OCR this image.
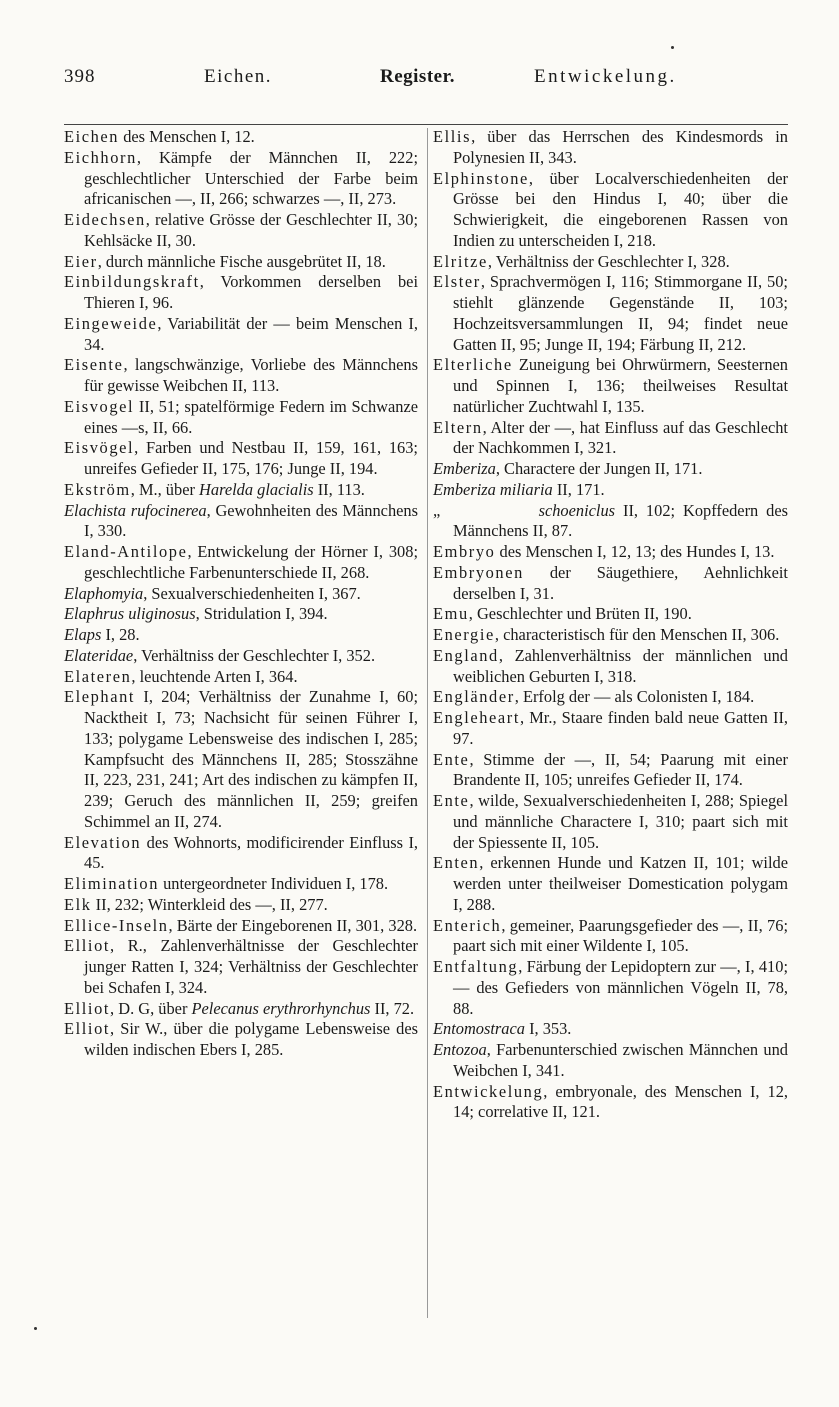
398	Eichen.	Register.	Entwickelung.

Eichen des Menschen I, 12.

Eichhorn, Kämpfe der Männchen II, 222; geschlechtlicher Unterschied der Farbe beim africanischen —, II, 266; schwarzes —, II, 273.

Eidechsen, relative Grösse der Geschlechter II, 30; Kehlsäcke II, 30.

Eier, durch männliche Fische ausgebrütet II, 18.

Einbildungskraft, Vorkommen derselben bei Thieren I, 96.

Eingeweide, Variabilität der — beim Menschen I, 34.

Eisente, langschwänzige, Vorliebe des Männchens für gewisse Weibchen II, 113.

Eisvogel II, 51; spatelförmige Federn im Schwanze eines —s, II, 66.

Eisvögel, Farben und Nestbau II, 159, 161, 163; unreifes Gefieder II, 175, 176; Junge II, 194.

Ekström, M., über Harelda glacialis II, 113.

Elachista rufocinerea, Gewohnheiten des Männchens I, 330.

Eland-Antilope, Entwickelung der Hörner I, 308; geschlechtliche Farbenunterschiede II, 268.

Elaphomyia, Sexualverschiedenheiten I, 367.

Elaphrus uliginosus, Stridulation I, 394.

Elaps I, 28.

Elateridae, Verhältniss der Geschlechter I, 352.

Elateren, leuchtende Arten I, 364.

Elephant I, 204; Verhältniss der Zunahme I, 60; Nacktheit I, 73; Nachsicht für seinen Führer I, 133; polygame Lebensweise des indischen I, 285; Kampfsucht des Männchens II, 285; Stosszähne II, 223, 231, 241; Art des indischen zu kämpfen II, 239; Geruch des männlichen II, 259; greifen Schimmel an II, 274.

Elevation des Wohnorts, modificirender Einfluss I, 45.

Elimination untergeordneter Individuen I, 178.

Elk II, 232; Winterkleid des —, II, 277.

Ellice-Inseln, Bärte der Eingeborenen II, 301, 328.

Elliot, R., Zahlenverhältnisse der Geschlechter junger Ratten I, 324; Verhältniss der Geschlechter bei Schafen I, 324.

Elliot, D. G, über Pelecanus erythrorhynchus II, 72.

Elliot, Sir W., über die polygame Lebensweise des wilden indischen Ebers I, 285.

Ellis, über das Herrschen des Kindesmords in Polynesien II, 343.

Elphinstone, über Localverschiedenheiten der Grösse bei den Hindus I, 40; über die Schwierigkeit, die eingeborenen Rassen von Indien zu unterscheiden I, 218.

Elritze, Verhältniss der Geschlechter I, 328.

Elster, Sprachvermögen I, 116; Stimmorgane II, 50; stiehlt glänzende Gegenstände II, 103; Hochzeitsversammlungen II, 94; findet neue Gatten II, 95; Junge II, 194; Färbung II, 212.

Elterliche Zuneigung bei Ohrwürmern, Seesternen und Spinnen I, 136; theilweises Resultat natürlicher Zuchtwahl I, 135.

Eltern, Alter der —, hat Einfluss auf das Geschlecht der Nachkommen I, 321.

Emberiza, Charactere der Jungen II, 171.

Emberiza miliaria II, 171.

„	schoeniclus II, 102; Kopffedern des Männchens II, 87.

Embryo des Menschen I, 12, 13; des Hundes I, 13.

Embryonen der Säugethiere, Aehnlichkeit derselben I, 31.

Emu, Geschlechter und Brüten II, 190.

Energie, characteristisch für den Menschen II, 306.

England, Zahlenverhältniss der männlichen und weiblichen Geburten I, 318.

Engländer, Erfolg der — als Colonisten I, 184.

Engleheart, Mr., Staare finden bald neue Gatten II, 97.

Ente, Stimme der —, II, 54; Paarung mit einer Brandente II, 105; unreifes Gefieder II, 174.

Ente, wilde, Sexualverschiedenheiten I, 288; Spiegel und männliche Charactere I, 310; paart sich mit der Spiessente II, 105.

Enten, erkennen Hunde und Katzen II, 101; wilde werden unter theilweiser Domestication polygam I, 288.

Enterich, gemeiner, Paarungsgefieder des —, II, 76; paart sich mit einer Wildente I, 105.

Entfaltung, Färbung der Lepidoptern zur —, I, 410; — des Gefieders von männlichen Vögeln II, 78, 88.

Entomostraca I, 353.

Entozoa, Farbenunterschied zwischen Männchen und Weibchen I, 341.

Entwickelung, embryonale, des Menschen I, 12, 14; correlative II, 121.
